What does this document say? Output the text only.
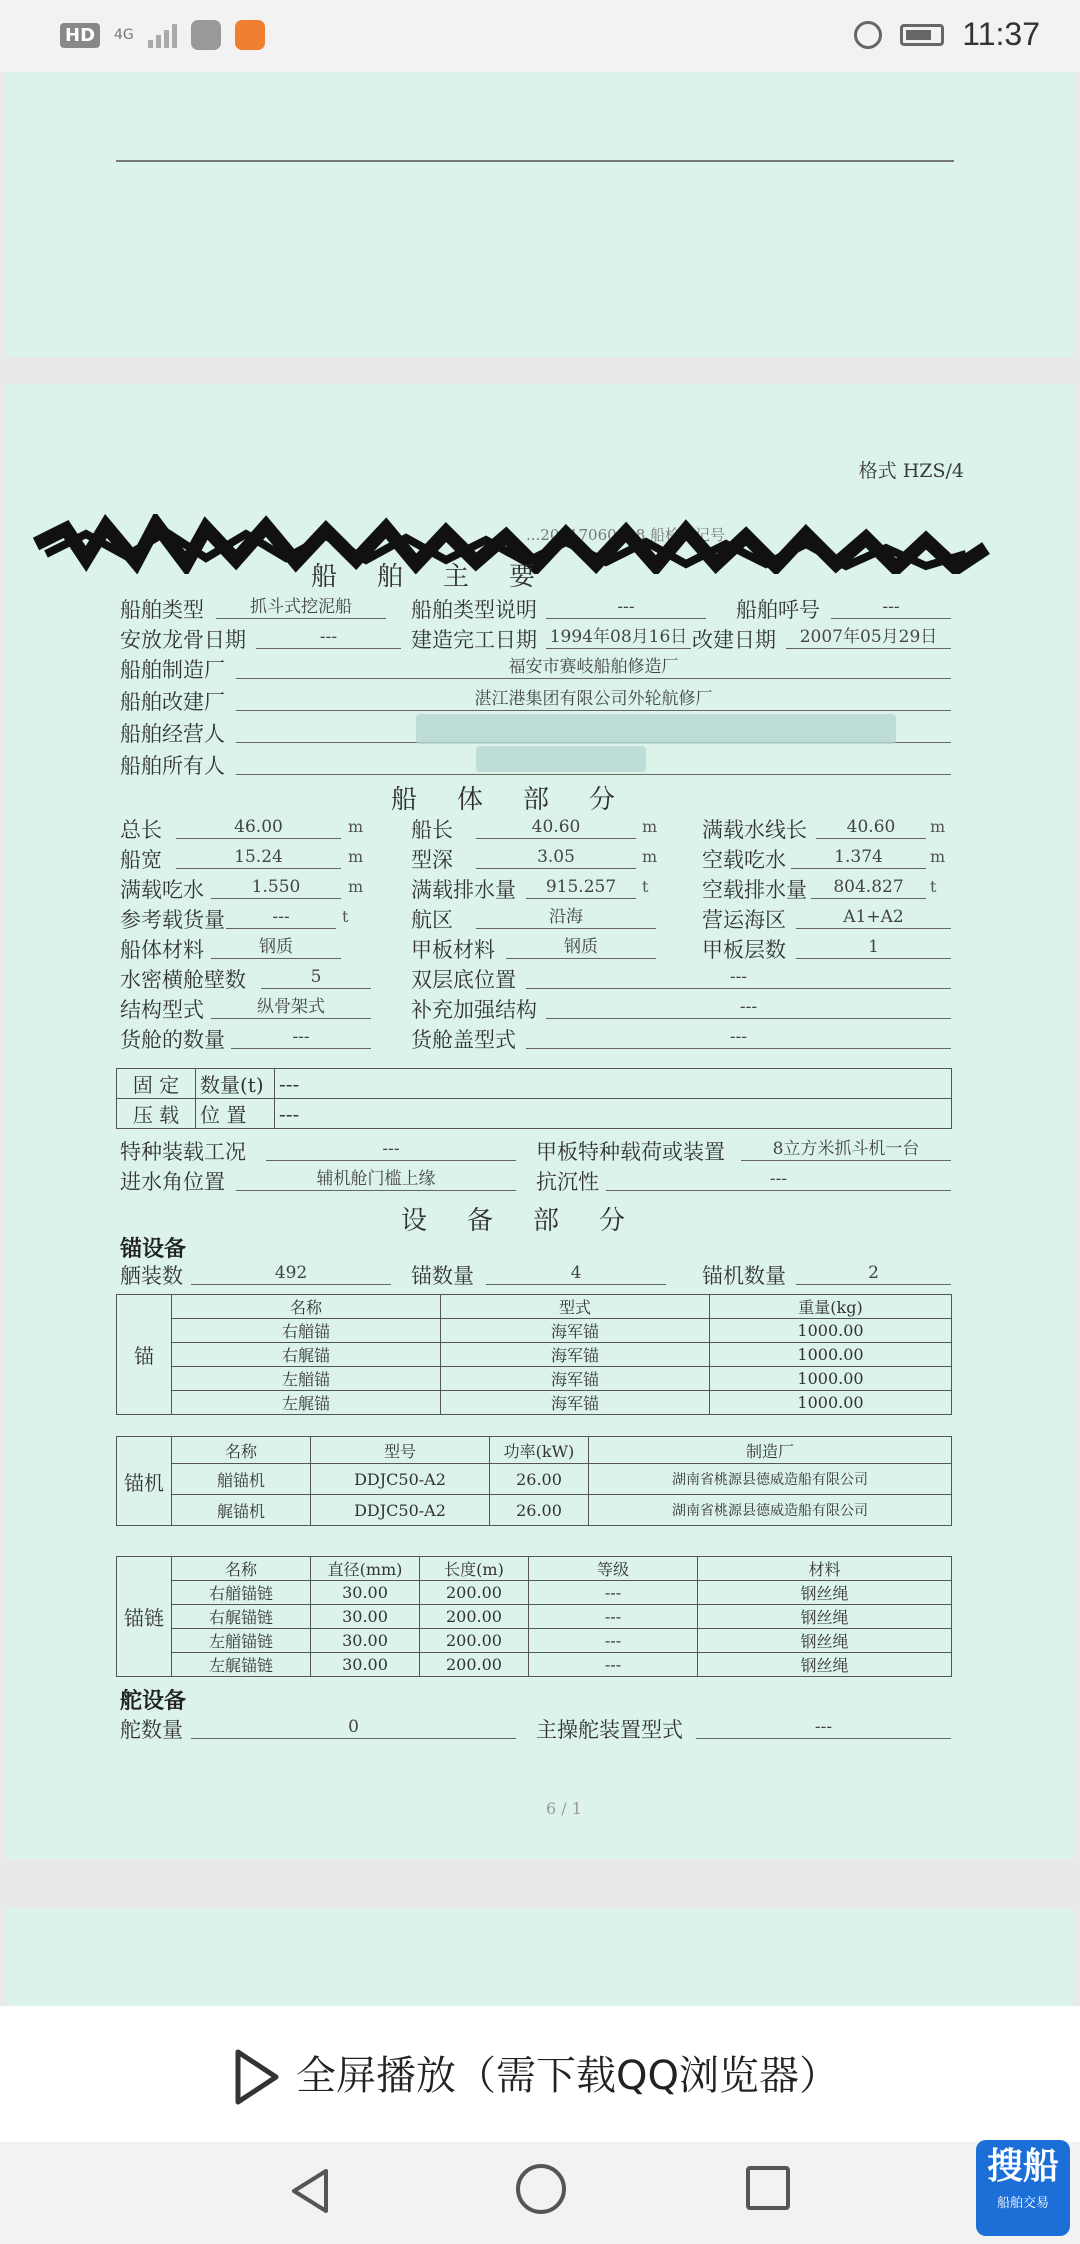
HD	4G	11:37
格式 HZS/4
...20017060018 船检登记号
船舶主要
船舶类型	抓斗式挖泥船	船舶类型说明	---	船舶呼号	---
安放龙骨日期	---	建造完工日期 1994年08月16日 改建日期	2007年05月29日
船舶制造厂	福安市赛岐船舶修造厂
船舶改建厂	湛江港集团有限公司外轮航修厂
船舶经营人
船舶所有人
船体部分
总长	46.00	m 船长	40.60	m 满载水线长	40.60	m
船宽	15.24	m 型深	3.05	m 空载吃水	1.374	m
满载吃水	1.550	m 满载排水量	915.257	t	空载排水量	804.827	t
参考载货量	---	t	航区	沿海	营运海区	A1+A2
船体材料	钢质	甲板材料	钢质	甲板层数	1
水密横舱壁数	5	双层底位置	---
结构型式	纵骨架式	补充加强结构	---
货舱的数量	---	货舱盖型式	---
固 定	数量(t)	---
压 载	位 置	---
特种装载工况	---	甲板特种载荷或装置	8立方米抓斗机一台
进水角位置	辅机舱门槛上缘	抗沉性	---
设备部分
锚设备
舾装数	492	锚数量	4	锚机数量	2
锚	名称	型式	重量(kg)
	右艏锚	海军锚	1000.00
	右艉锚	海军锚	1000.00
	左艏锚	海军锚	1000.00
	左艉锚	海军锚	1000.00
锚机	名称	型号	功率(kW)	制造厂
	艏锚机	DDJC50-A2	26.00	湖南省桃源县德威造船有限公司
	艉锚机	DDJC50-A2	26.00	湖南省桃源县德威造船有限公司
锚链	名称	直径(mm)	长度(m)	等级	材料
	右艏锚链	30.00	200.00	---	钢丝绳
	右艉锚链	30.00	200.00	---	钢丝绳
	左艏锚链	30.00	200.00	---	钢丝绳
	左艉锚链	30.00	200.00	---	钢丝绳
舵设备
舵数量	0	主操舵装置型式	---
6 / 1
全屏播放（需下载QQ浏览器）
搜船
船舶交易
